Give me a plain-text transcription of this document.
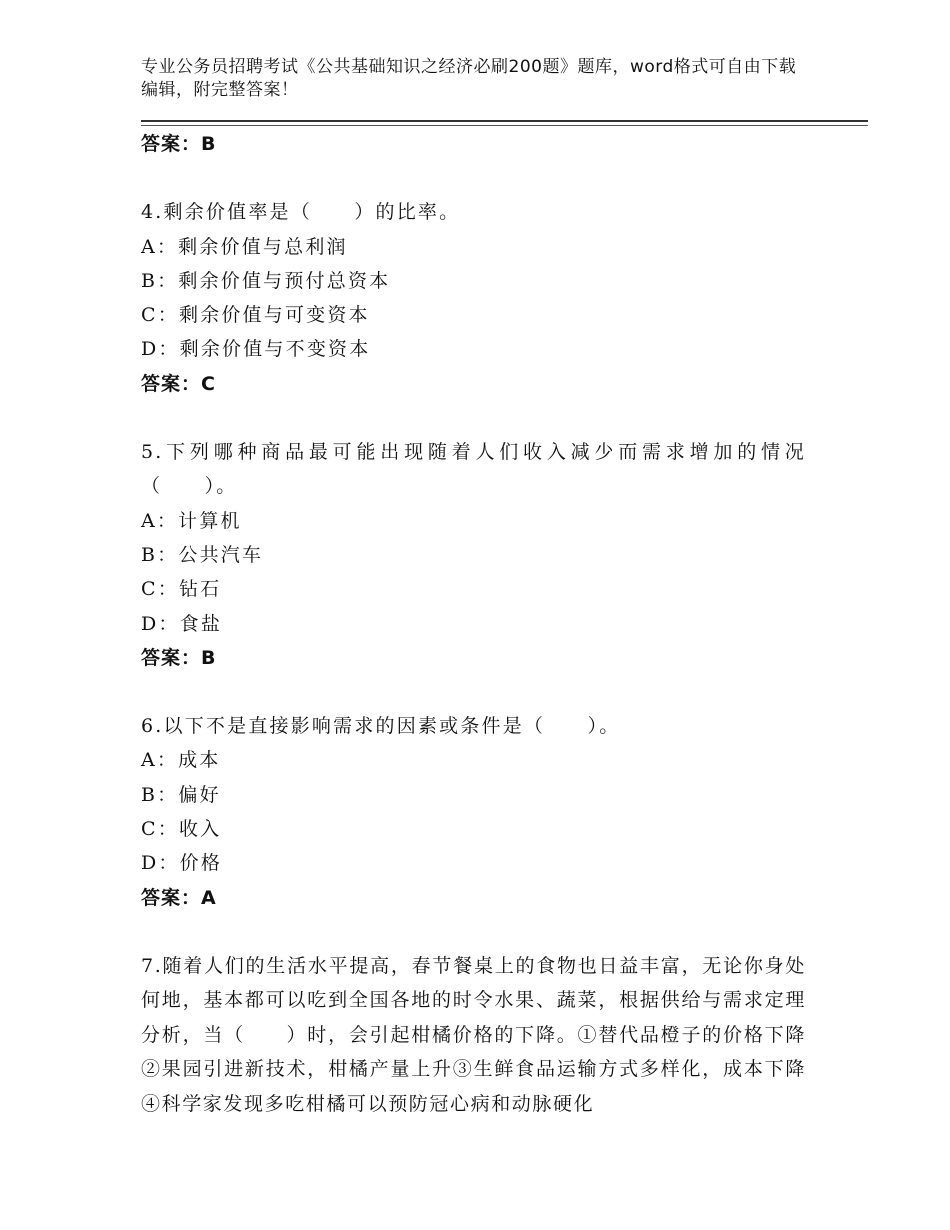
专业公务员招聘考试《公共基础知识之经济必刷200题》题库，word格式可自由下载编辑，附完整答案！

答案：B

4.剩余价值率是（　　）的比率。

A：剩余价值与总利润

B：剩余价值与预付总资本

C：剩余价值与可变资本

D：剩余价值与不变资本

答案：C

5.下列哪种商品最可能出现随着人们收入减少而需求增加的情况（　　）。

A：计算机

B：公共汽车

C：钻石

D：食盐

答案：B

6.以下不是直接影响需求的因素或条件是（　　）。

A：成本

B：偏好

C：收入

D：价格

答案：A

7.随着人们的生活水平提高，春节餐桌上的食物也日益丰富，无论你身处何地，基本都可以吃到全国各地的时令水果、蔬菜，根据供给与需求定理分析，当（　　）时，会引起柑橘价格的下降。①替代品橙子的价格下降②果园引进新技术，柑橘产量上升③生鲜食品运输方式多样化，成本下降④科学家发现多吃柑橘可以预防冠心病和动脉硬化
